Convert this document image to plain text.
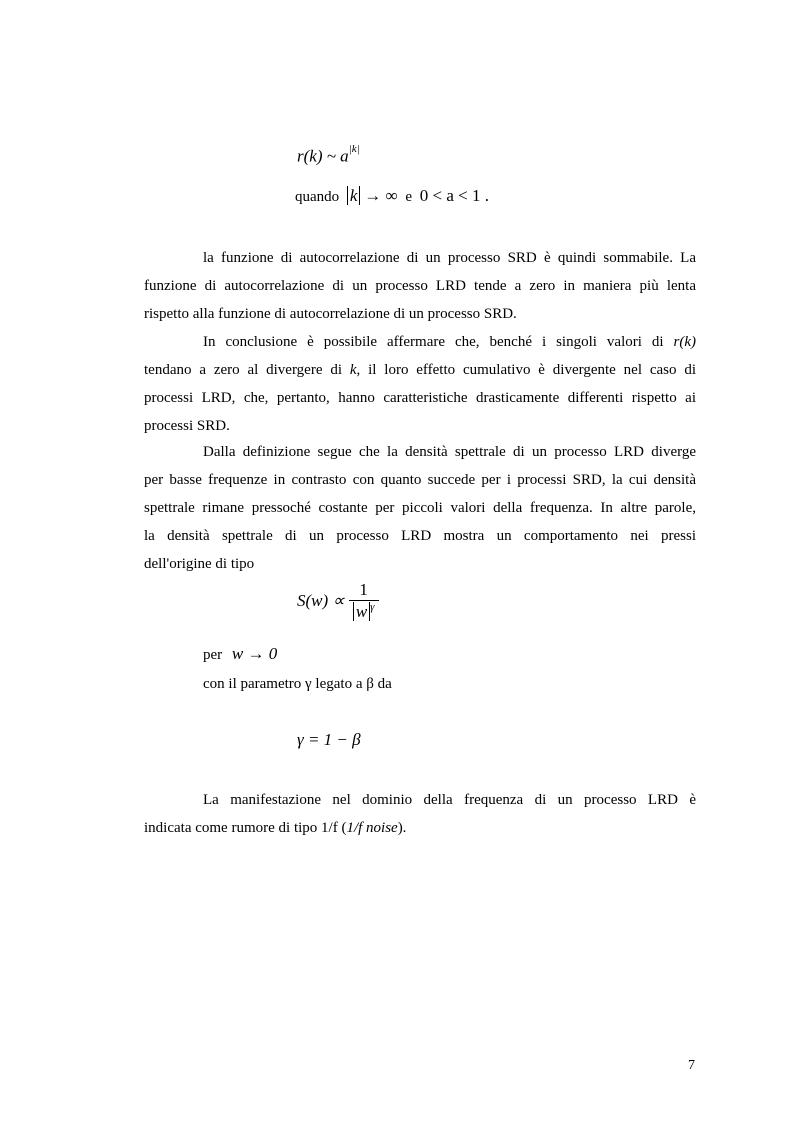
r(k) ~ $a^{|k|}$
quando k → ∞ e 0 < a < 1 .
la funzione di autocorrelazione di un processo SRD è quindi sommabile. La
funzione di autocorrelazione di un processo LRD tende a zero in maniera più lenta
rispetto alla funzione di autocorrelazione di un processo SRD.
In conclusione è possibile affermare che, benché i singoli valori di r(k)
tendano a zero al divergere di k, il loro effetto cumulativo è divergente nel caso di
processi LRD, che, pertanto, hanno caratteristiche drasticamente differenti rispetto ai
processi SRD.
Dalla definizione segue che la densità spettrale di un processo LRD diverge
per basse frequenze in contrasto con quanto succede per i processi SRD, la cui densità
spettrale rimane pressoché costante per piccoli valori della frequenza. In altre parole,
la densità spettrale di un processo LRD mostra un comportamento nei pressi
dell'origine di tipo
$S(w) \propto \frac{1}{w ^\gamma}$
per w → 0
con il parametro γ legato a β da
γ = 1 − β
La manifestazione nel dominio della frequenza di un processo LRD è
indicata come rumore di tipo 1/f (1/f noise).
7
